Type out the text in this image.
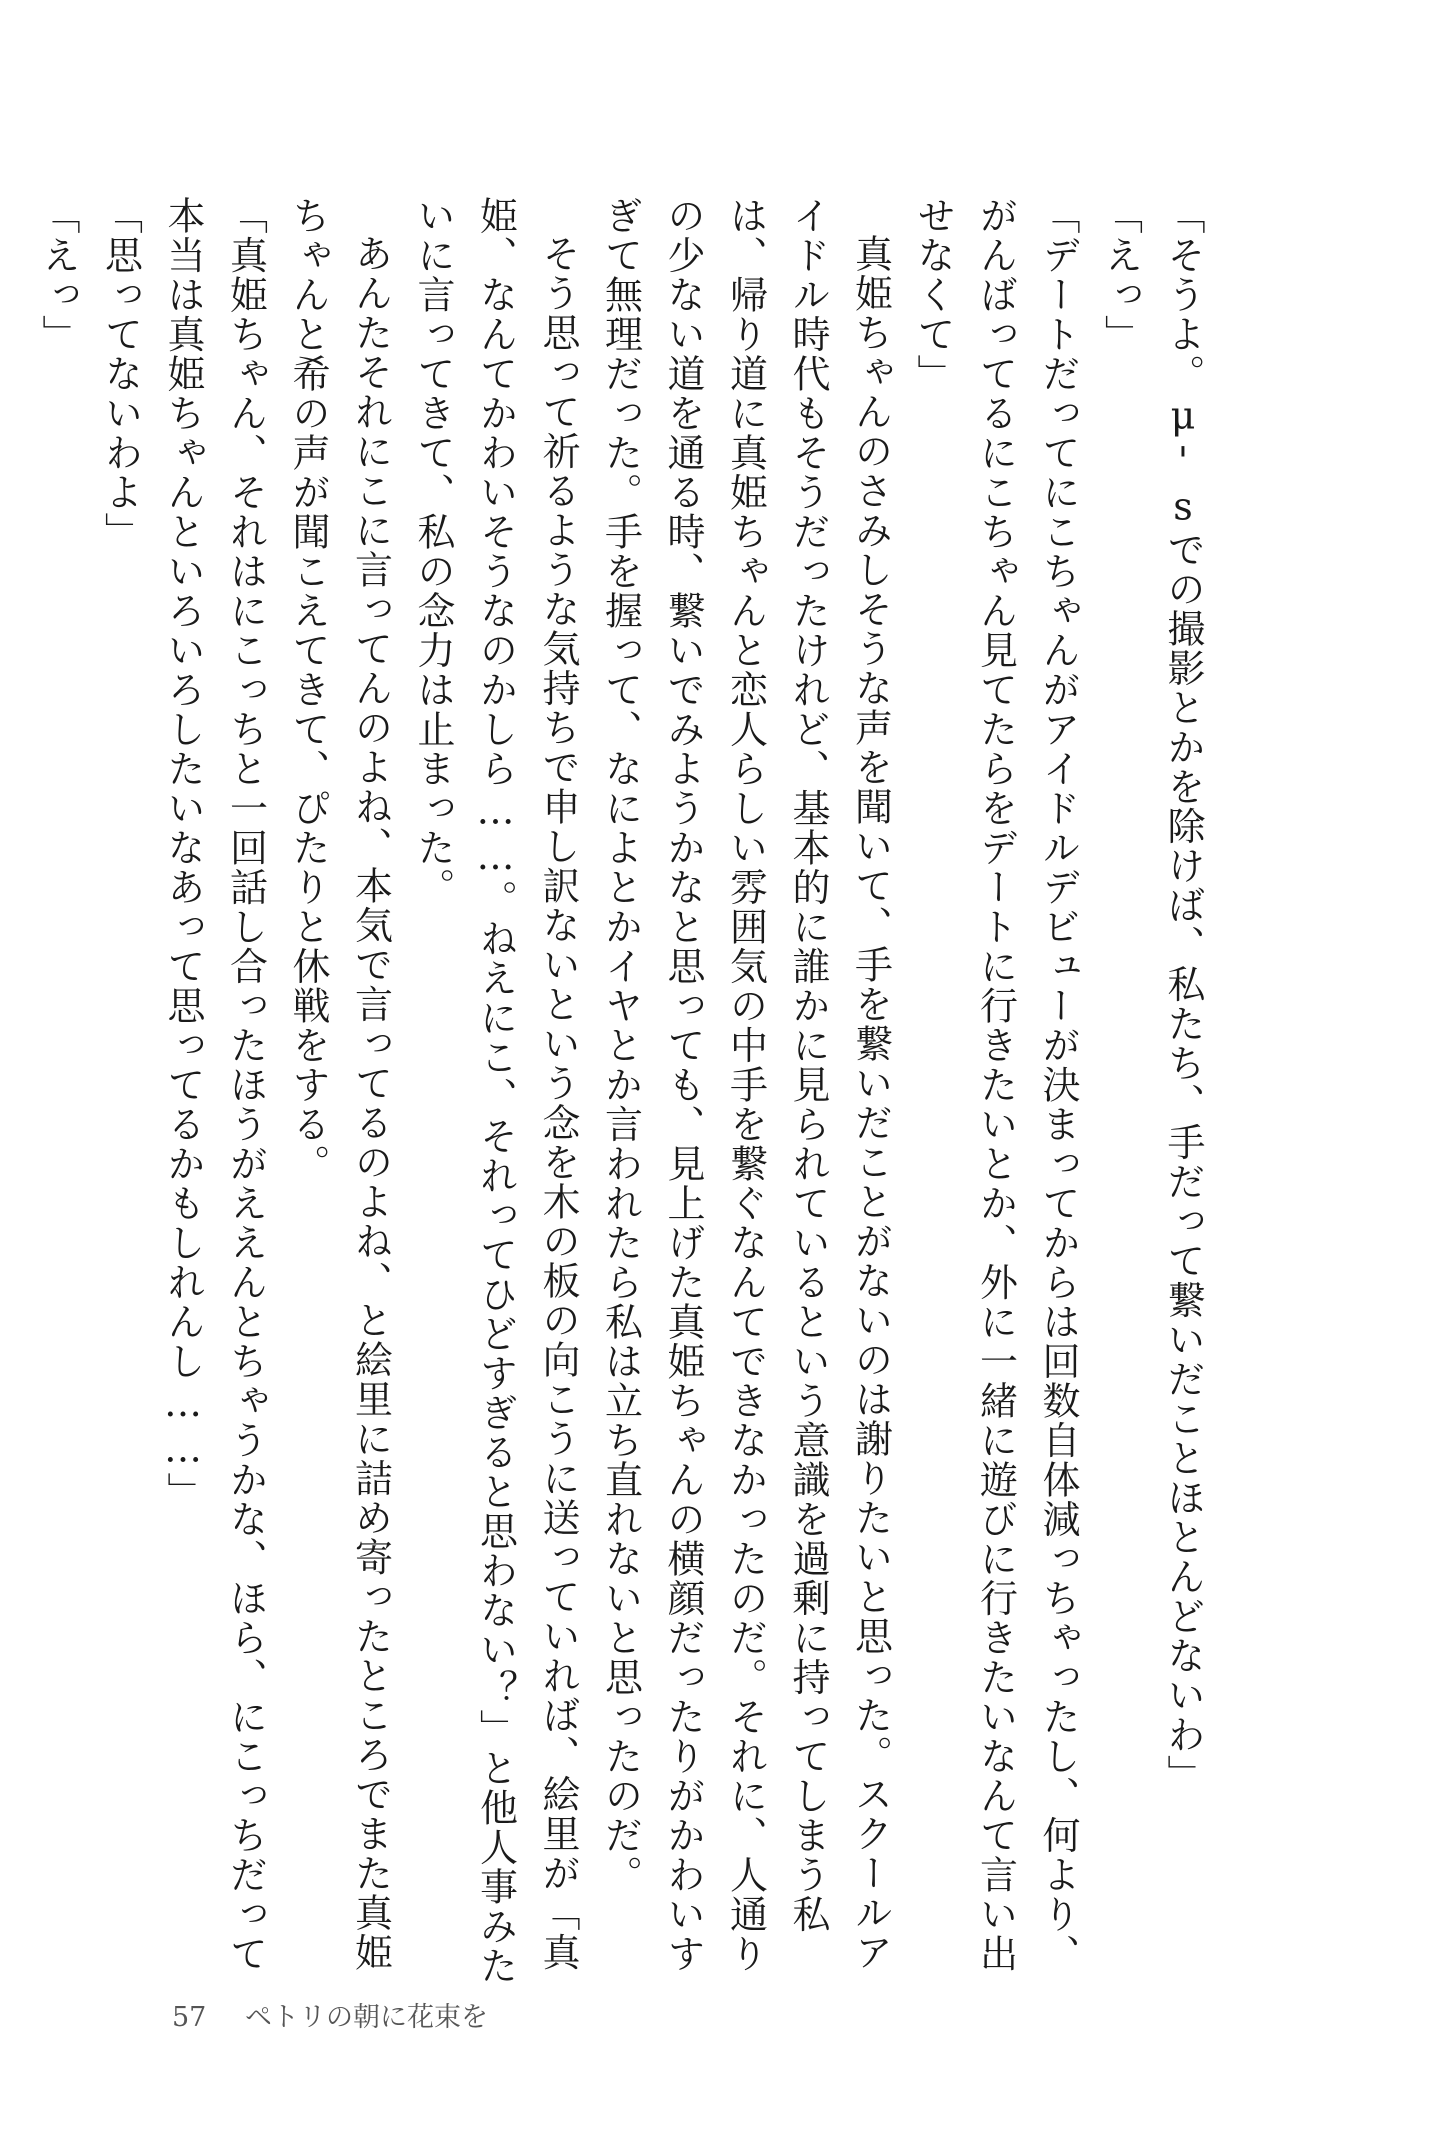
「そうよ。μ'sでの撮影とかを除けば、私たち、手だって繋いだことほとんどないわ」

「えっ」

「デートだってにこちゃんがアイドルデビューが決まってからは回数自体減っちゃったし、何より、がんばってるにこちゃん見てたらをデートに行きたいとか、外に一緒に遊びに行きたいなんて言い出せなくて」

真姫ちゃんのさみしそうな声を聞いて、手を繋いだことがないのは謝りたいと思った。スクールアイドル時代もそうだったけれど、基本的に誰かに見られているという意識を過剰に持ってしまう私は、帰り道に真姫ちゃんと恋人らしい雰囲気の中手を繋ぐなんてできなかったのだ。それに、人通りの少ない道を通る時、繋いでみようかなと思っても、見上げた真姫ちゃんの横顔だったりがかわいすぎて無理だった。手を握って、なによとかイヤとか言われたら私は立ち直れないと思ったのだ。

そう思って祈るような気持ちで申し訳ないという念を木の板の向こうに送っていれば、絵里が「真姫、なんてかわいそうなのかしら……。ねえにこ、それってひどすぎると思わない？」と他人事みたいに言ってきて、私の念力は止まった。

あんたそれにこに言ってんのよね、本気で言ってるのよね、と絵里に詰め寄ったところでまた真姫ちゃんと希の声が聞こえてきて、ぴたりと休戦をする。

「真姫ちゃん、それはにこっちと一回話し合ったほうがええんとちゃうかな、ほら、にこっちだって本当は真姫ちゃんといろいろしたいなあって思ってるかもしれんし……」

「思ってないわよ」

「えっ」

57 ペトリの朝に花束を
